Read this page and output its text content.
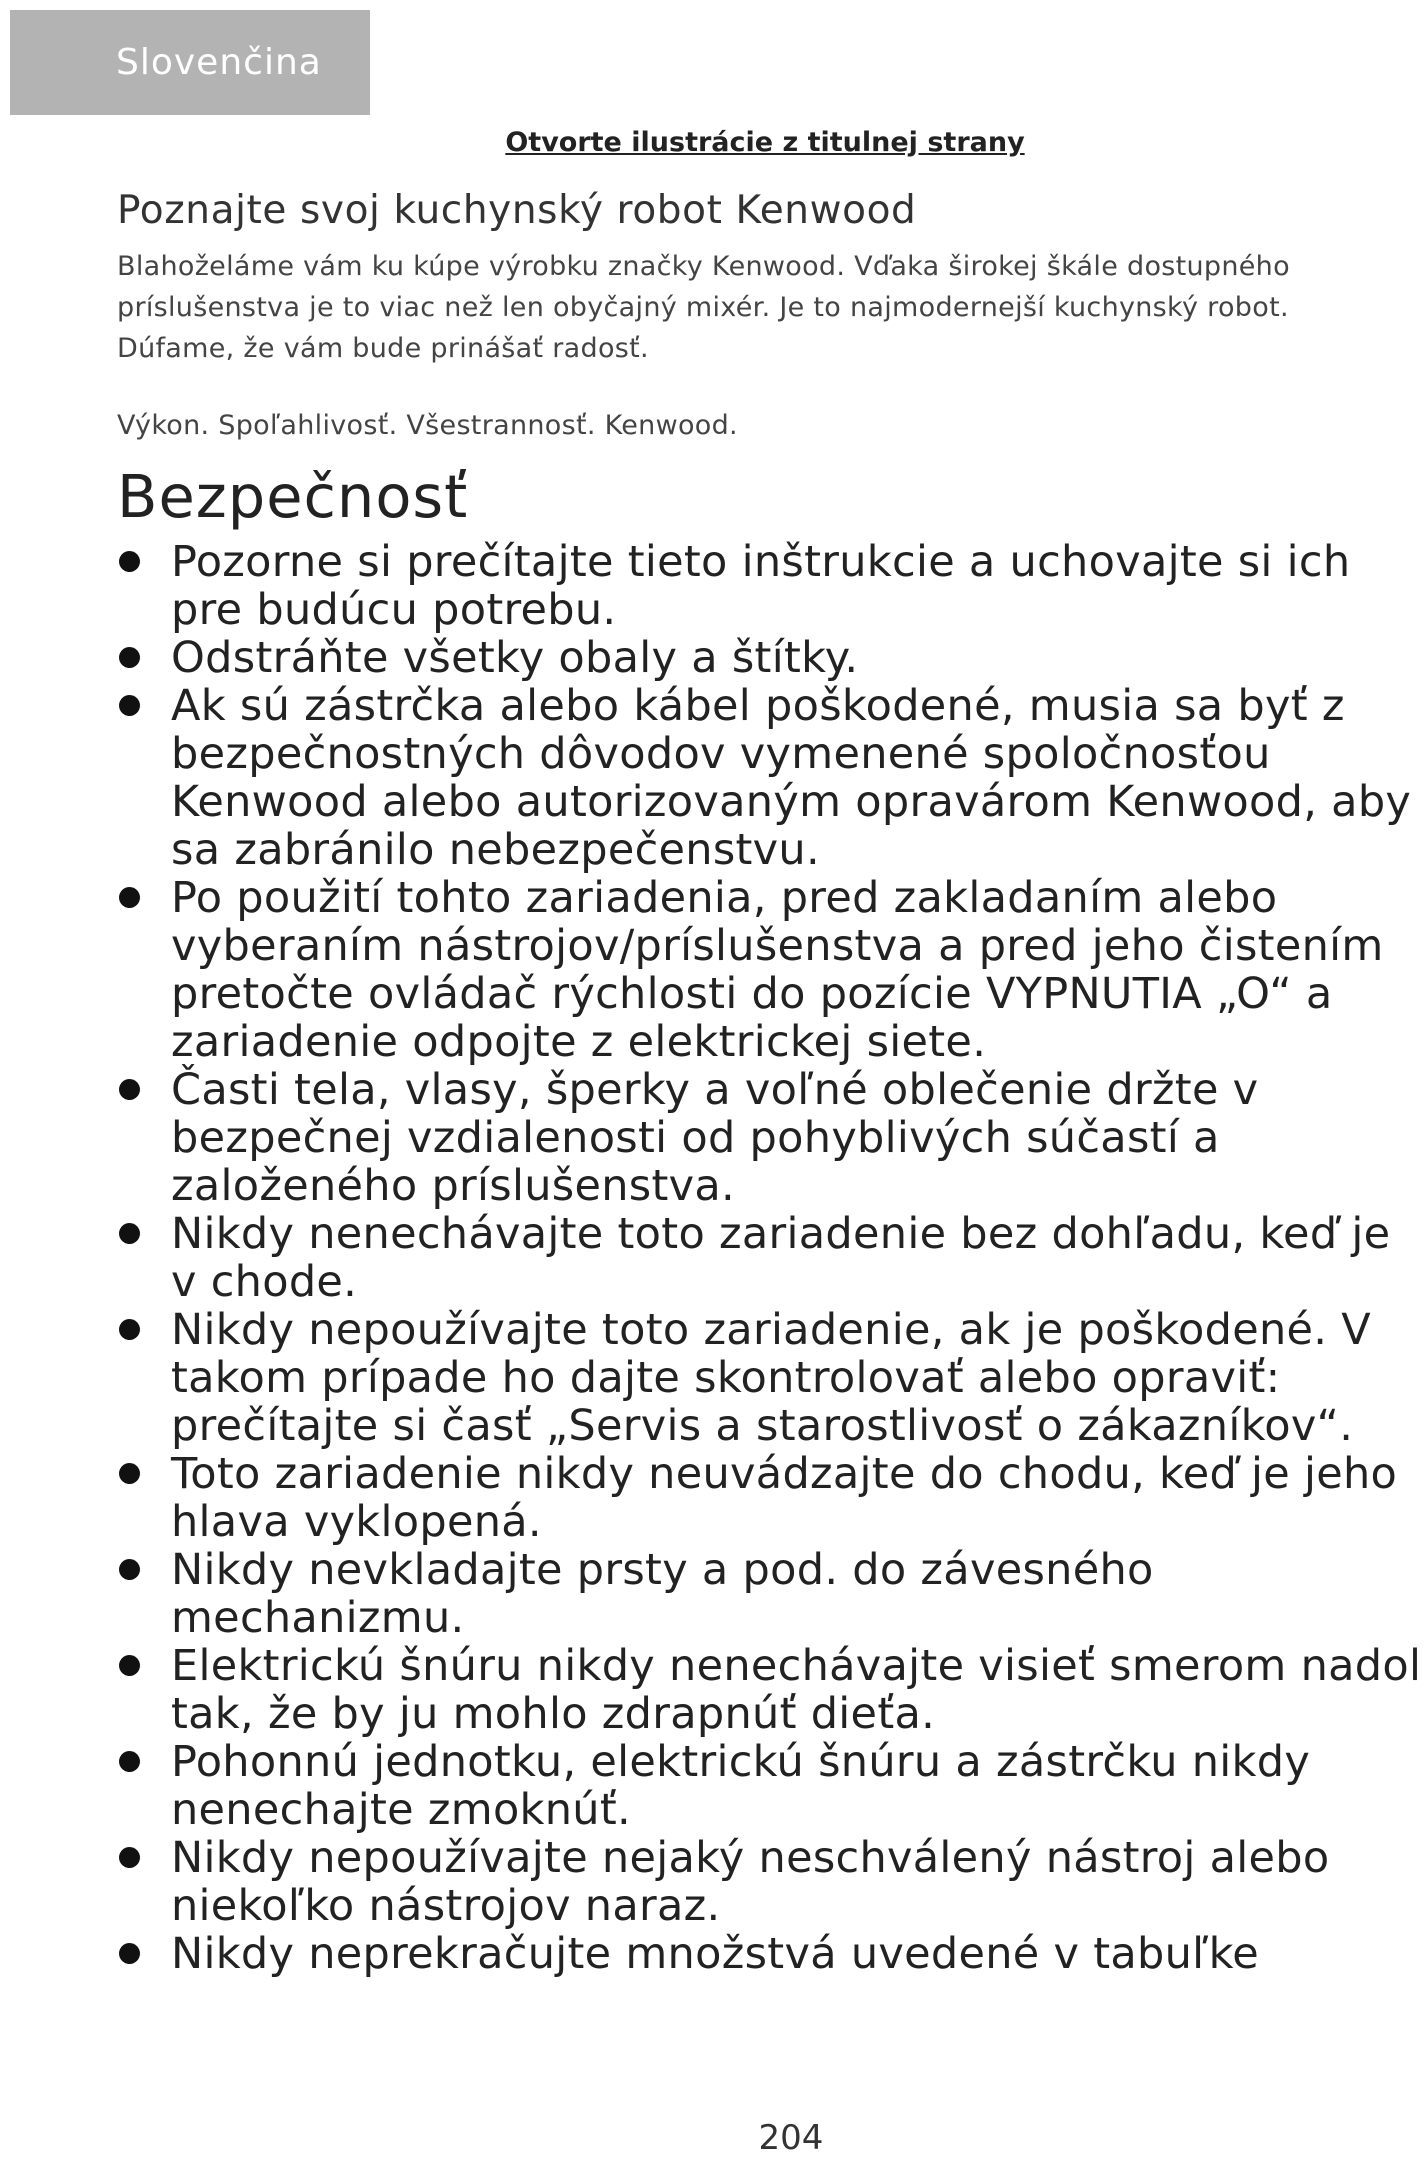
Slovenčina
Otvorte ilustrácie z titulnej strany
Poznajte svoj kuchynský robot Kenwood

Blahoželáme vám ku kúpe výrobku značky Kenwood. Vďaka širokej škále dostupného príslušenstva je to viac než len obyčajný mixér. Je to najmodernejší kuchynský robot. Dúfame, že vám bude prinášať radosť.

Výkon. Spoľahlivosť. Všestrannosť. Kenwood.
Bezpečnosť
Pozorne si prečítajte tieto inštrukcie a uchovajte si ich pre budúcu potrebu.
Odstráňte všetky obaly a štítky.
Ak sú zástrčka alebo kábel poškodené, musia sa byť z bezpečnostných dôvodov vymenené spoločnosťou Kenwood alebo autorizovaným opravárom Kenwood, aby sa zabránilo nebezpečenstvu.
Po použití tohto zariadenia, pred zakladaním alebo vyberaním nástrojov/príslušenstva a pred jeho čistením pretočte ovládač rýchlosti do pozície VYPNUTIA „O“ a zariadenie odpojte z elektrickej siete.
Časti tela, vlasy, šperky a voľné oblečenie držte v bezpečnej vzdialenosti od pohyblivých súčastí a založeného príslušenstva.
Nikdy nenechávajte toto zariadenie bez dohľadu, keď je v chode.
Nikdy nepoužívajte toto zariadenie, ak je poškodené. V takom prípade ho dajte skontrolovať alebo opraviť: prečítajte si časť „Servis a starostlivosť o zákazníkov“.
Toto zariadenie nikdy neuvádzajte do chodu, keď je jeho hlava vyklopená.
Nikdy nevkladajte prsty a pod. do závesného mechanizmu.
Elektrickú šnúru nikdy nenechávajte visieť smerom nadol tak, že by ju mohlo zdrapnúť dieťa.
Pohonnú jednotku, elektrickú šnúru a zástrčku nikdy nenechajte zmoknúť.
Nikdy nepoužívajte nejaký neschválený nástroj alebo niekoľko nástrojov naraz.
Nikdy neprekračujte množstvá uvedené v tabuľke
204
